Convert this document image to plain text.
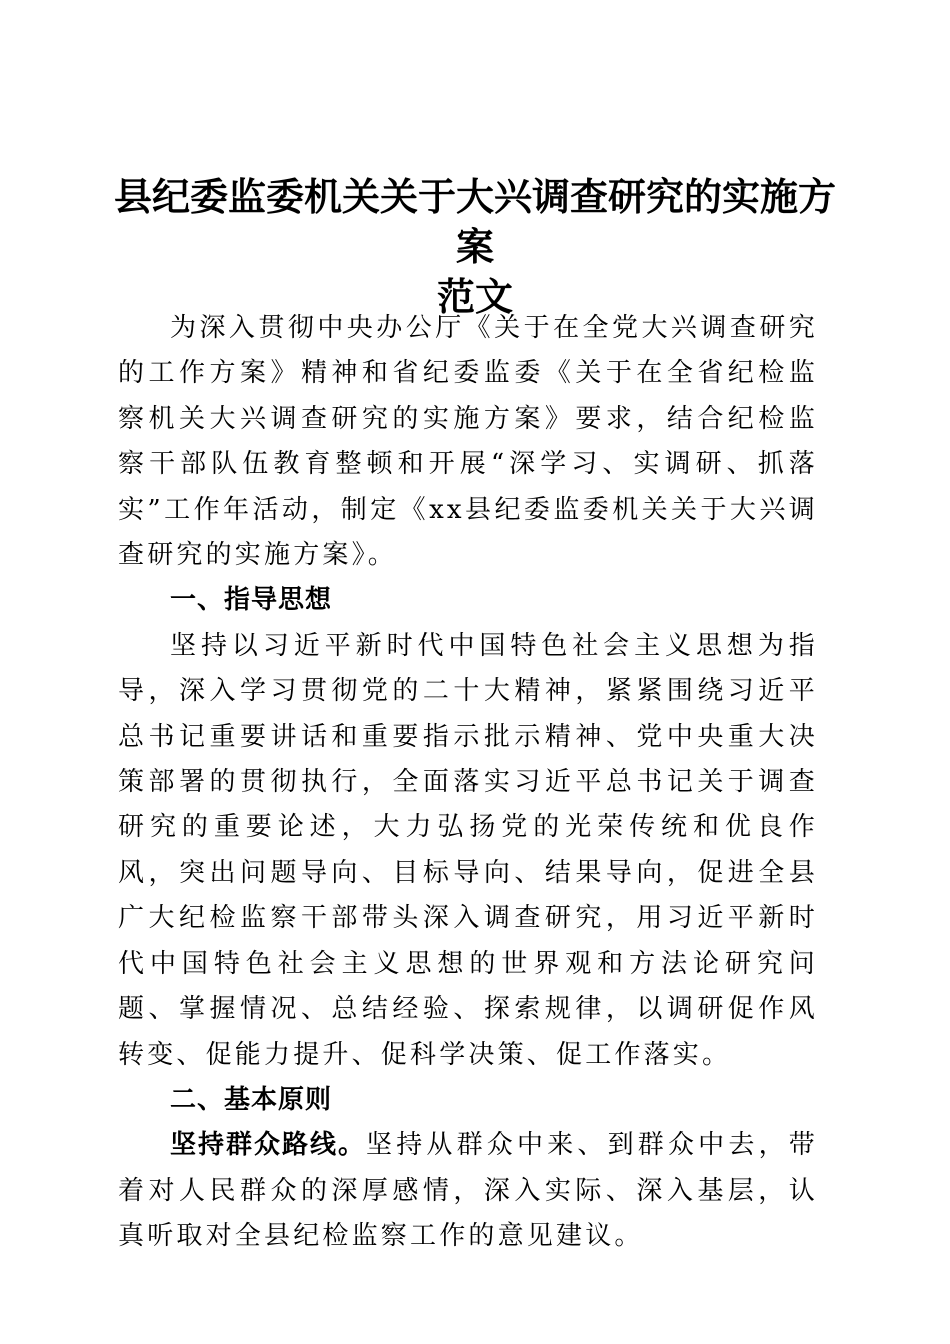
县纪委监委机关关于大兴调查研究的实施方案
范文

为深入贯彻中央办公厅《关于在全党大兴调查研究的工作方案》精神和省纪委监委《关于在全省纪检监察机关大兴调查研究的实施方案》要求，结合纪检监察干部队伍教育整顿和开展“深学习、实调研、抓落实”工作年活动，制定《xx县纪委监委机关关于大兴调查研究的实施方案》。

一、指导思想

坚持以习近平新时代中国特色社会主义思想为指导，深入学习贯彻党的二十大精神，紧紧围绕习近平总书记重要讲话和重要指示批示精神、党中央重大决策部署的贯彻执行，全面落实习近平总书记关于调查研究的重要论述，大力弘扬党的光荣传统和优良作风，突出问题导向、目标导向、结果导向，促进全县广大纪检监察干部带头深入调查研究，用习近平新时代中国特色社会主义思想的世界观和方法论研究问题、掌握情况、总结经验、探索规律，以调研促作风转变、促能力提升、促科学决策、促工作落实。

二、基本原则

坚持群众路线。坚持从群众中来、到群众中去，带着对人民群众的深厚感情，深入实际、深入基层，认真听取对全县纪检监察工作的意见建议。
